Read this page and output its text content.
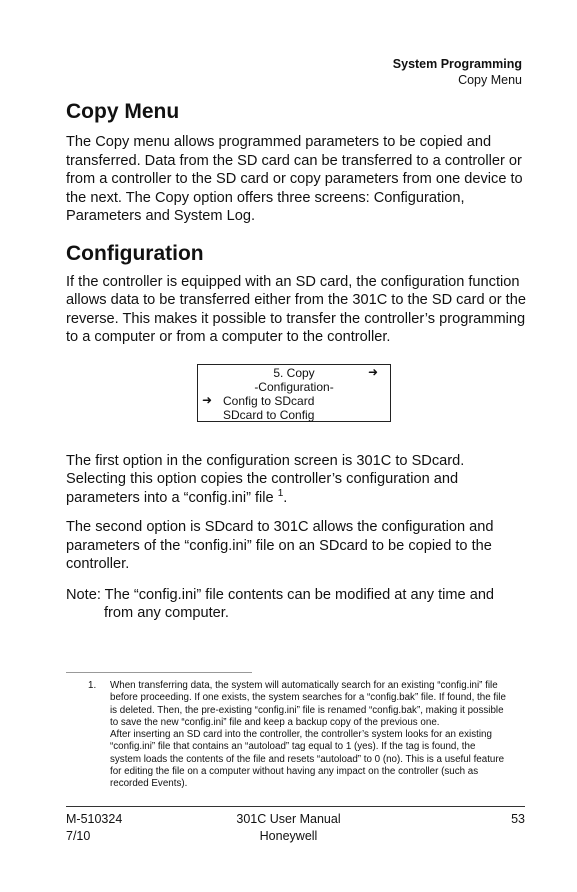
System Programming
Copy Menu
Copy Menu

The Copy menu allows programmed parameters to be copied and transferred. Data from the SD card can be transferred to a controller or from a controller to the SD card or copy parameters from one device to the next. The Copy option offers three screens: Configuration, Parameters and System Log.

Configuration

If the controller is equipped with an SD card, the configuration function allows data to be transferred either from the 301C to the SD card or the reverse. This makes it possible to transfer the controller’s programming to a computer or from a computer to the controller.

5. Copy	➜
-Configuration-
➜ Config to SDcard
SDcard to Config

The first option in the configuration screen is 301C to SDcard. Selecting this option copies the controller’s configuration and parameters into a “config.ini” file $^1$.

The second option is SDcard to 301C allows the configuration and parameters of the “config.ini” file on an SDcard to be copied to the controller.

Note: The “config.ini” file contents can be modified at any time and from any computer.
1.	When transferring data, the system will automatically search for an existing “config.ini” file before proceeding. If one exists, the system searches for a “config.bak” file. If found, the file is deleted. Then, the pre-existing “config.ini” file is renamed “config.bak”, making it possible to save the new “config.ini” file and keep a backup copy of the previous one.
After inserting an SD card into the controller, the controller’s system looks for an existing “config.ini” file that contains an “autoload” tag equal to 1 (yes). If the tag is found, the system loads the contents of the file and resets “autoload” to 0 (no). This is a useful feature for editing the file on a computer without having any impact on the controller (such as recorded Events).
M-510324
7/10
301C User Manual
Honeywell
53
